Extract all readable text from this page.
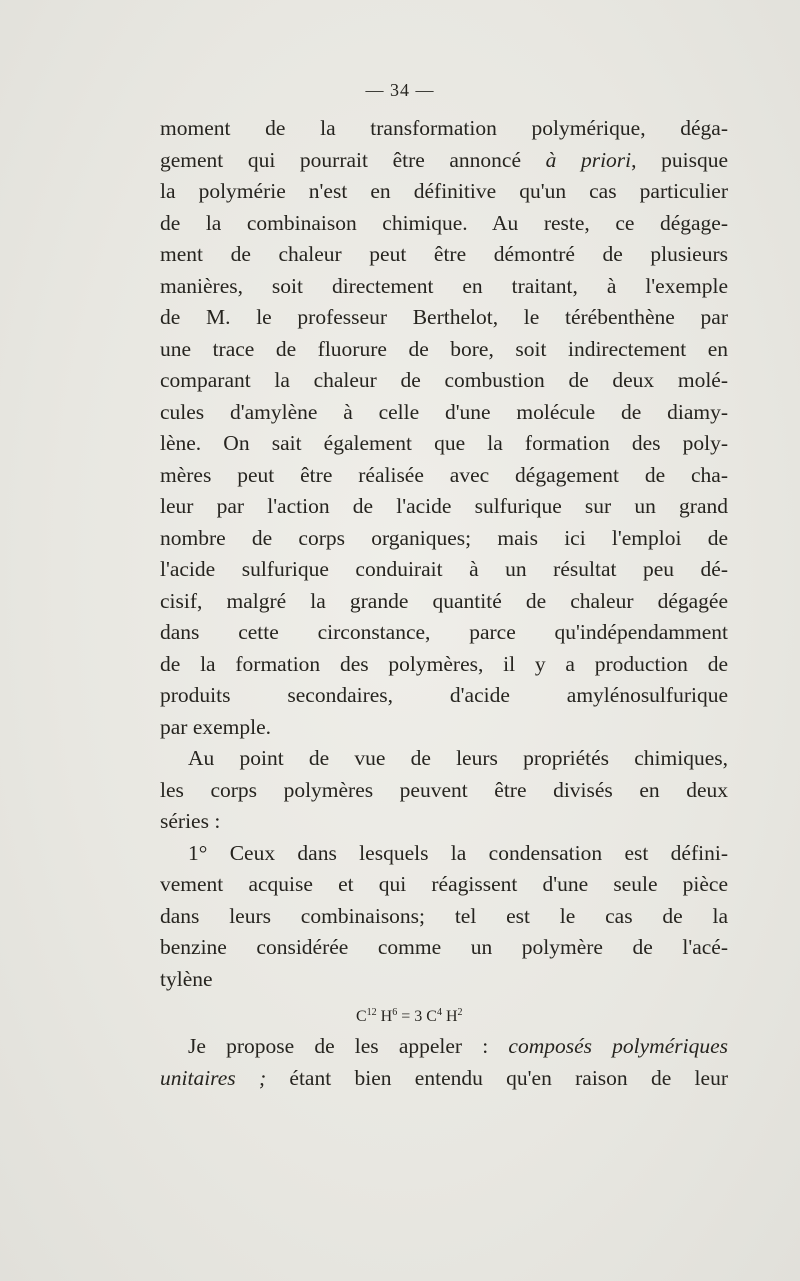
— 34 —
moment de la transformation polymérique, déga-
gement qui pourrait être annoncé à priori, puisque
la polymérie n'est en définitive qu'un cas particulier
de la combinaison chimique. Au reste, ce dégage-
ment de chaleur peut être démontré de plusieurs
manières, soit directement en traitant, à l'exemple
de M. le professeur Berthelot, le térébenthène par
une trace de fluorure de bore, soit indirectement en
comparant la chaleur de combustion de deux molé-
cules d'amylène à celle d'une molécule de diamy-
lène. On sait également que la formation des poly-
mères peut être réalisée avec dégagement de cha-
leur par l'action de l'acide sulfurique sur un grand
nombre de corps organiques; mais ici l'emploi de
l'acide sulfurique conduirait à un résultat peu dé-
cisif, malgré la grande quantité de chaleur dégagée
dans cette circonstance, parce qu'indépendamment
de la formation des polymères, il y a production de
produits secondaires, d'acide amylénosulfurique
par exemple.
Au point de vue de leurs propriétés chimiques,
les corps polymères peuvent être divisés en deux
séries :
1° Ceux dans lesquels la condensation est défini-
vement acquise et qui réagissent d'une seule pièce
dans leurs combinaisons; tel est le cas de la
benzine considérée comme un polymère de l'acé-
tylène
$C^{12}$ $H^6 = 3$ $C^4$ $H^2$
Je propose de les appeler : composés polymériques
unitaires ; étant bien entendu qu'en raison de leur
